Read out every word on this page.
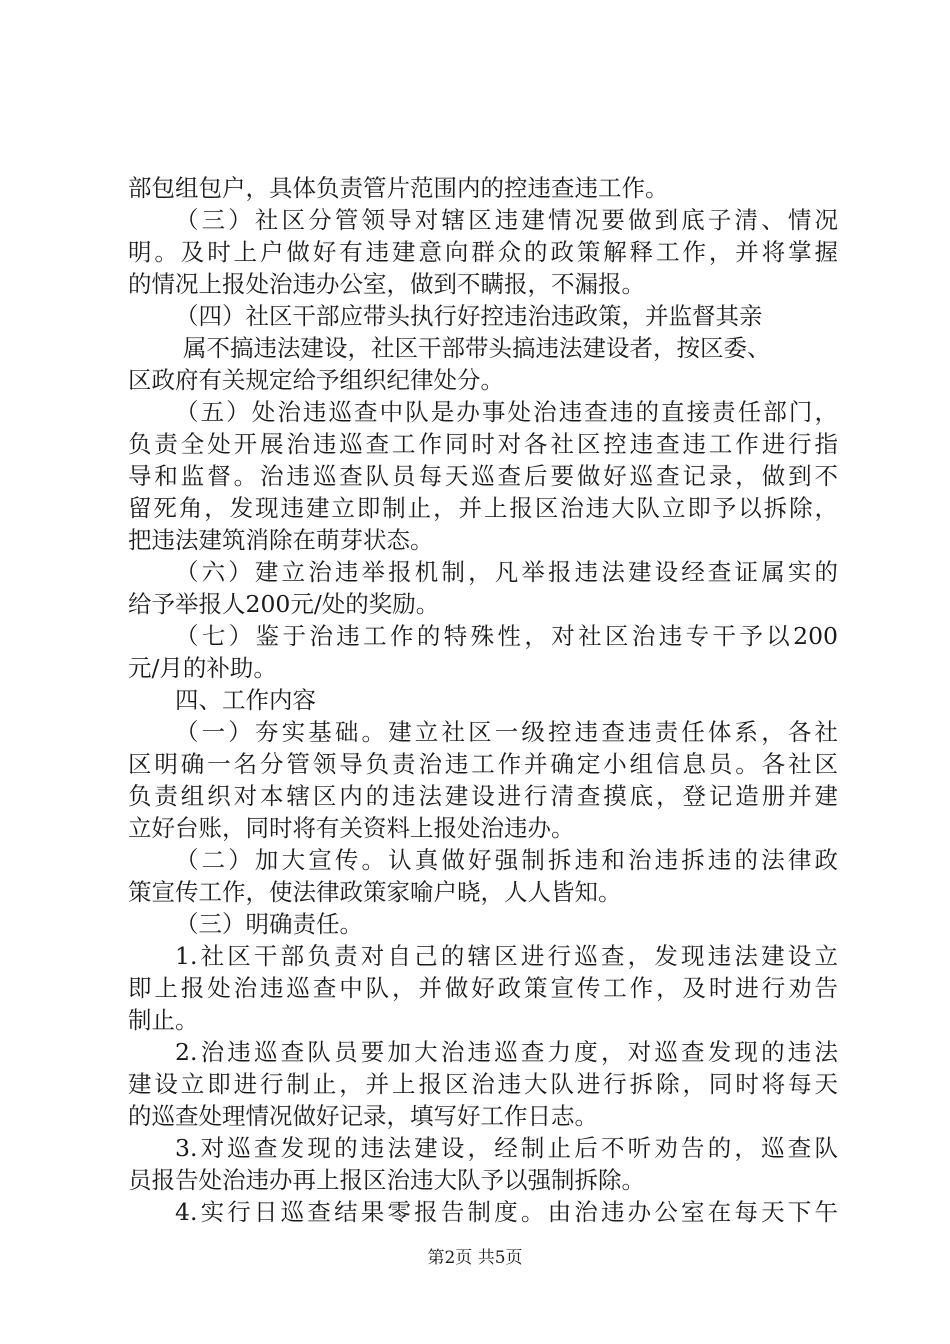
部包组包户，具体负责管片范围内的控违查违工作。
（三）社区分管领导对辖区违建情况要做到底子清、情况
明。及时上户做好有违建意向群众的政策解释工作，并将掌握
的情况上报处治违办公室，做到不瞒报，不漏报。
（四）社区干部应带头执行好控违治违政策，并监督其亲
属不搞违法建设，社区干部带头搞违法建设者，按区委、
区政府有关规定给予组织纪律处分。
（五）处治违巡查中队是办事处治违查违的直接责任部门，
负责全处开展治违巡查工作同时对各社区控违查违工作进行指
导和监督。治违巡查队员每天巡查后要做好巡查记录，做到不
留死角，发现违建立即制止，并上报区治违大队立即予以拆除，
把违法建筑消除在萌芽状态。
（六）建立治违举报机制，凡举报违法建设经查证属实的
给予举报人200元/处的奖励。
（七）鉴于治违工作的特殊性，对社区治违专干予以200
元/月的补助。
四、工作内容
（一）夯实基础。建立社区一级控违查违责任体系，各社
区明确一名分管领导负责治违工作并确定小组信息员。各社区
负责组织对本辖区内的违法建设进行清查摸底，登记造册并建
立好台账，同时将有关资料上报处治违办。
（二）加大宣传。认真做好强制拆违和治违拆违的法律政
策宣传工作，使法律政策家喻户晓，人人皆知。
（三）明确责任。
1.社区干部负责对自己的辖区进行巡查，发现违法建设立
即上报处治违巡查中队，并做好政策宣传工作，及时进行劝告
制止。
2.治违巡查队员要加大治违巡查力度，对巡查发现的违法
建设立即进行制止，并上报区治违大队进行拆除，同时将每天
的巡查处理情况做好记录，填写好工作日志。
3.对巡查发现的违法建设，经制止后不听劝告的，巡查队
员报告处治违办再上报区治违大队予以强制拆除。
4.实行日巡查结果零报告制度。由治违办公室在每天下午
第2页 共5页
